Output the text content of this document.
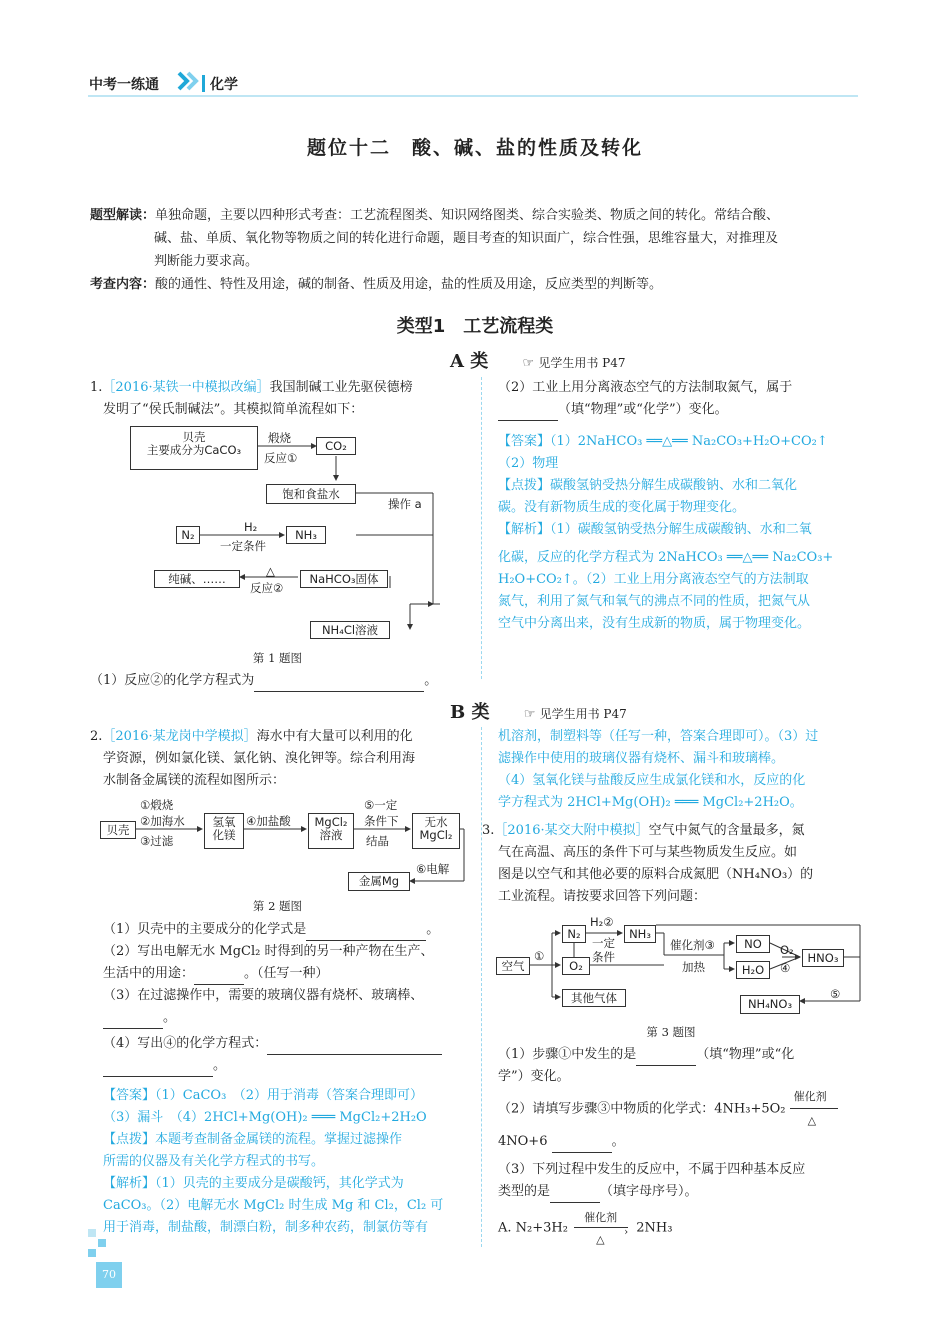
中考一练通	化学
题位十二　酸、碱、盐的性质及转化
题型解读：单独命题，主要以四种形式考查：工艺流程图类、知识网络图类、综合实验类、物质之间的转化。常结合酸、
碱、盐、单质、氧化物等物质之间的转化进行命题，题目考查的知识面广，综合性强，思维容量大，对推理及
判断能力要求高。
考查内容：酸的通性、特性及用途，碱的制备、性质及用途，盐的性质及用途，反应类型的判断等。
类型1　工艺流程类
A 类	☞ 见学生用书 P47
1.［2016·某铁一中模拟改编］我国制碱工业先驱侯德榜
发明了“侯氏制碱法”。其模拟简单流程如下：
贝壳
主要成分为CaCO₃
煅烧
反应①
CO₂
饱和食盐水
操作 a
N₂
H₂
一定条件
NH₃
纯碱、……
△
反应②
NaHCO₃固体
NH₄Cl溶液
第 1 题图
（1）反应②的化学方程式为	。
（2）工业上用分离液态空气的方法制取氮气，属于
（填“物理”或“化学”）变化。
【答案】（1）2NaHCO₃ ══△══ Na₂CO₃+H₂O+CO₂↑
（2）物理
【点拨】碳酸氢钠受热分解生成碳酸钠、水和二氧化
碳。没有新物质生成的变化属于物理变化。
【解析】（1）碳酸氢钠受热分解生成碳酸钠、水和二氧
化碳，反应的化学方程式为 2NaHCO₃ ══△══ Na₂CO₃+
H₂O+CO₂↑。（2）工业上用分离液态空气的方法制取
氮气，利用了氮气和氧气的沸点不同的性质，把氮气从
空气中分离出来，没有生成新的物质，属于物理变化。
B 类	☞ 见学生用书 P47
2.［2016·某龙岗中学模拟］海水中有大量可以利用的化
学资源，例如氯化镁、氯化钠、溴化钾等。综合利用海
水制备金属镁的流程如图所示：
①煅烧
②加海水
③过滤
贝壳
氢氧
化镁
④加盐酸	MgCl₂
溶液
⑤一定
条件下
结晶
无水
MgCl₂
⑥电解
金属Mg
第 2 题图
（1）贝壳中的主要成分的化学式是	。
（2）写出电解无水 MgCl₂ 时得到的另一种产物在生产、
生活中的用途：	。（任写一种）
（3）在过滤操作中，需要的玻璃仪器有烧杯、玻璃棒、
。
（4）写出④的化学方程式：
。
【答案】（1）CaCO₃　（2）用于消毒（答案合理即可）
（3）漏斗　（4）2HCl+Mg(OH)₂ ═══ MgCl₂+2H₂O
【点拨】本题考查制备金属镁的流程。掌握过滤操作
所需的仪器及有关化学方程式的书写。
【解析】（1）贝壳的主要成分是碳酸钙，其化学式为
CaCO₃。（2）电解无水 MgCl₂ 时生成 Mg 和 Cl₂，Cl₂ 可
用于消毒，制盐酸，制漂白粉，制多种农药，制氯仿等有
机溶剂，制塑料等（任写一种，答案合理即可）。（3）过
滤操作中使用的玻璃仪器有烧杯、漏斗和玻璃棒。
（4）氢氧化镁与盐酸反应生成氯化镁和水，反应的化
学方程式为 2HCl+Mg(OH)₂ ═══ MgCl₂+2H₂O。
3.［2016·某交大附中模拟］空气中氮气的含量最多，氮
气在高温、高压的条件下可与某些物质发生反应。如
图是以空气和其他必要的原料合成氮肥（NH₄NO₃）的
工业流程。请按要求回答下列问题：
空气
①
N₂
H₂②
一定
条件
NH₃
O₂
其他气体
催化剂③
加热
NO
H₂O
O₂
④
HNO₃
⑤
NH₄NO₃
第 3 题图
（1）步骤①中发生的是	（填“物理”或“化
学”）变化。
（2）请填写步骤③中物质的化学式：4NH₃+5O₂
催化剂
△
4NO+6	。
（3）下列过程中发生的反应中，不属于四种基本反应
类型的是	（填字母序号）。
A. N₂+3H₂
催化剂
›
△
2NH₃
70
